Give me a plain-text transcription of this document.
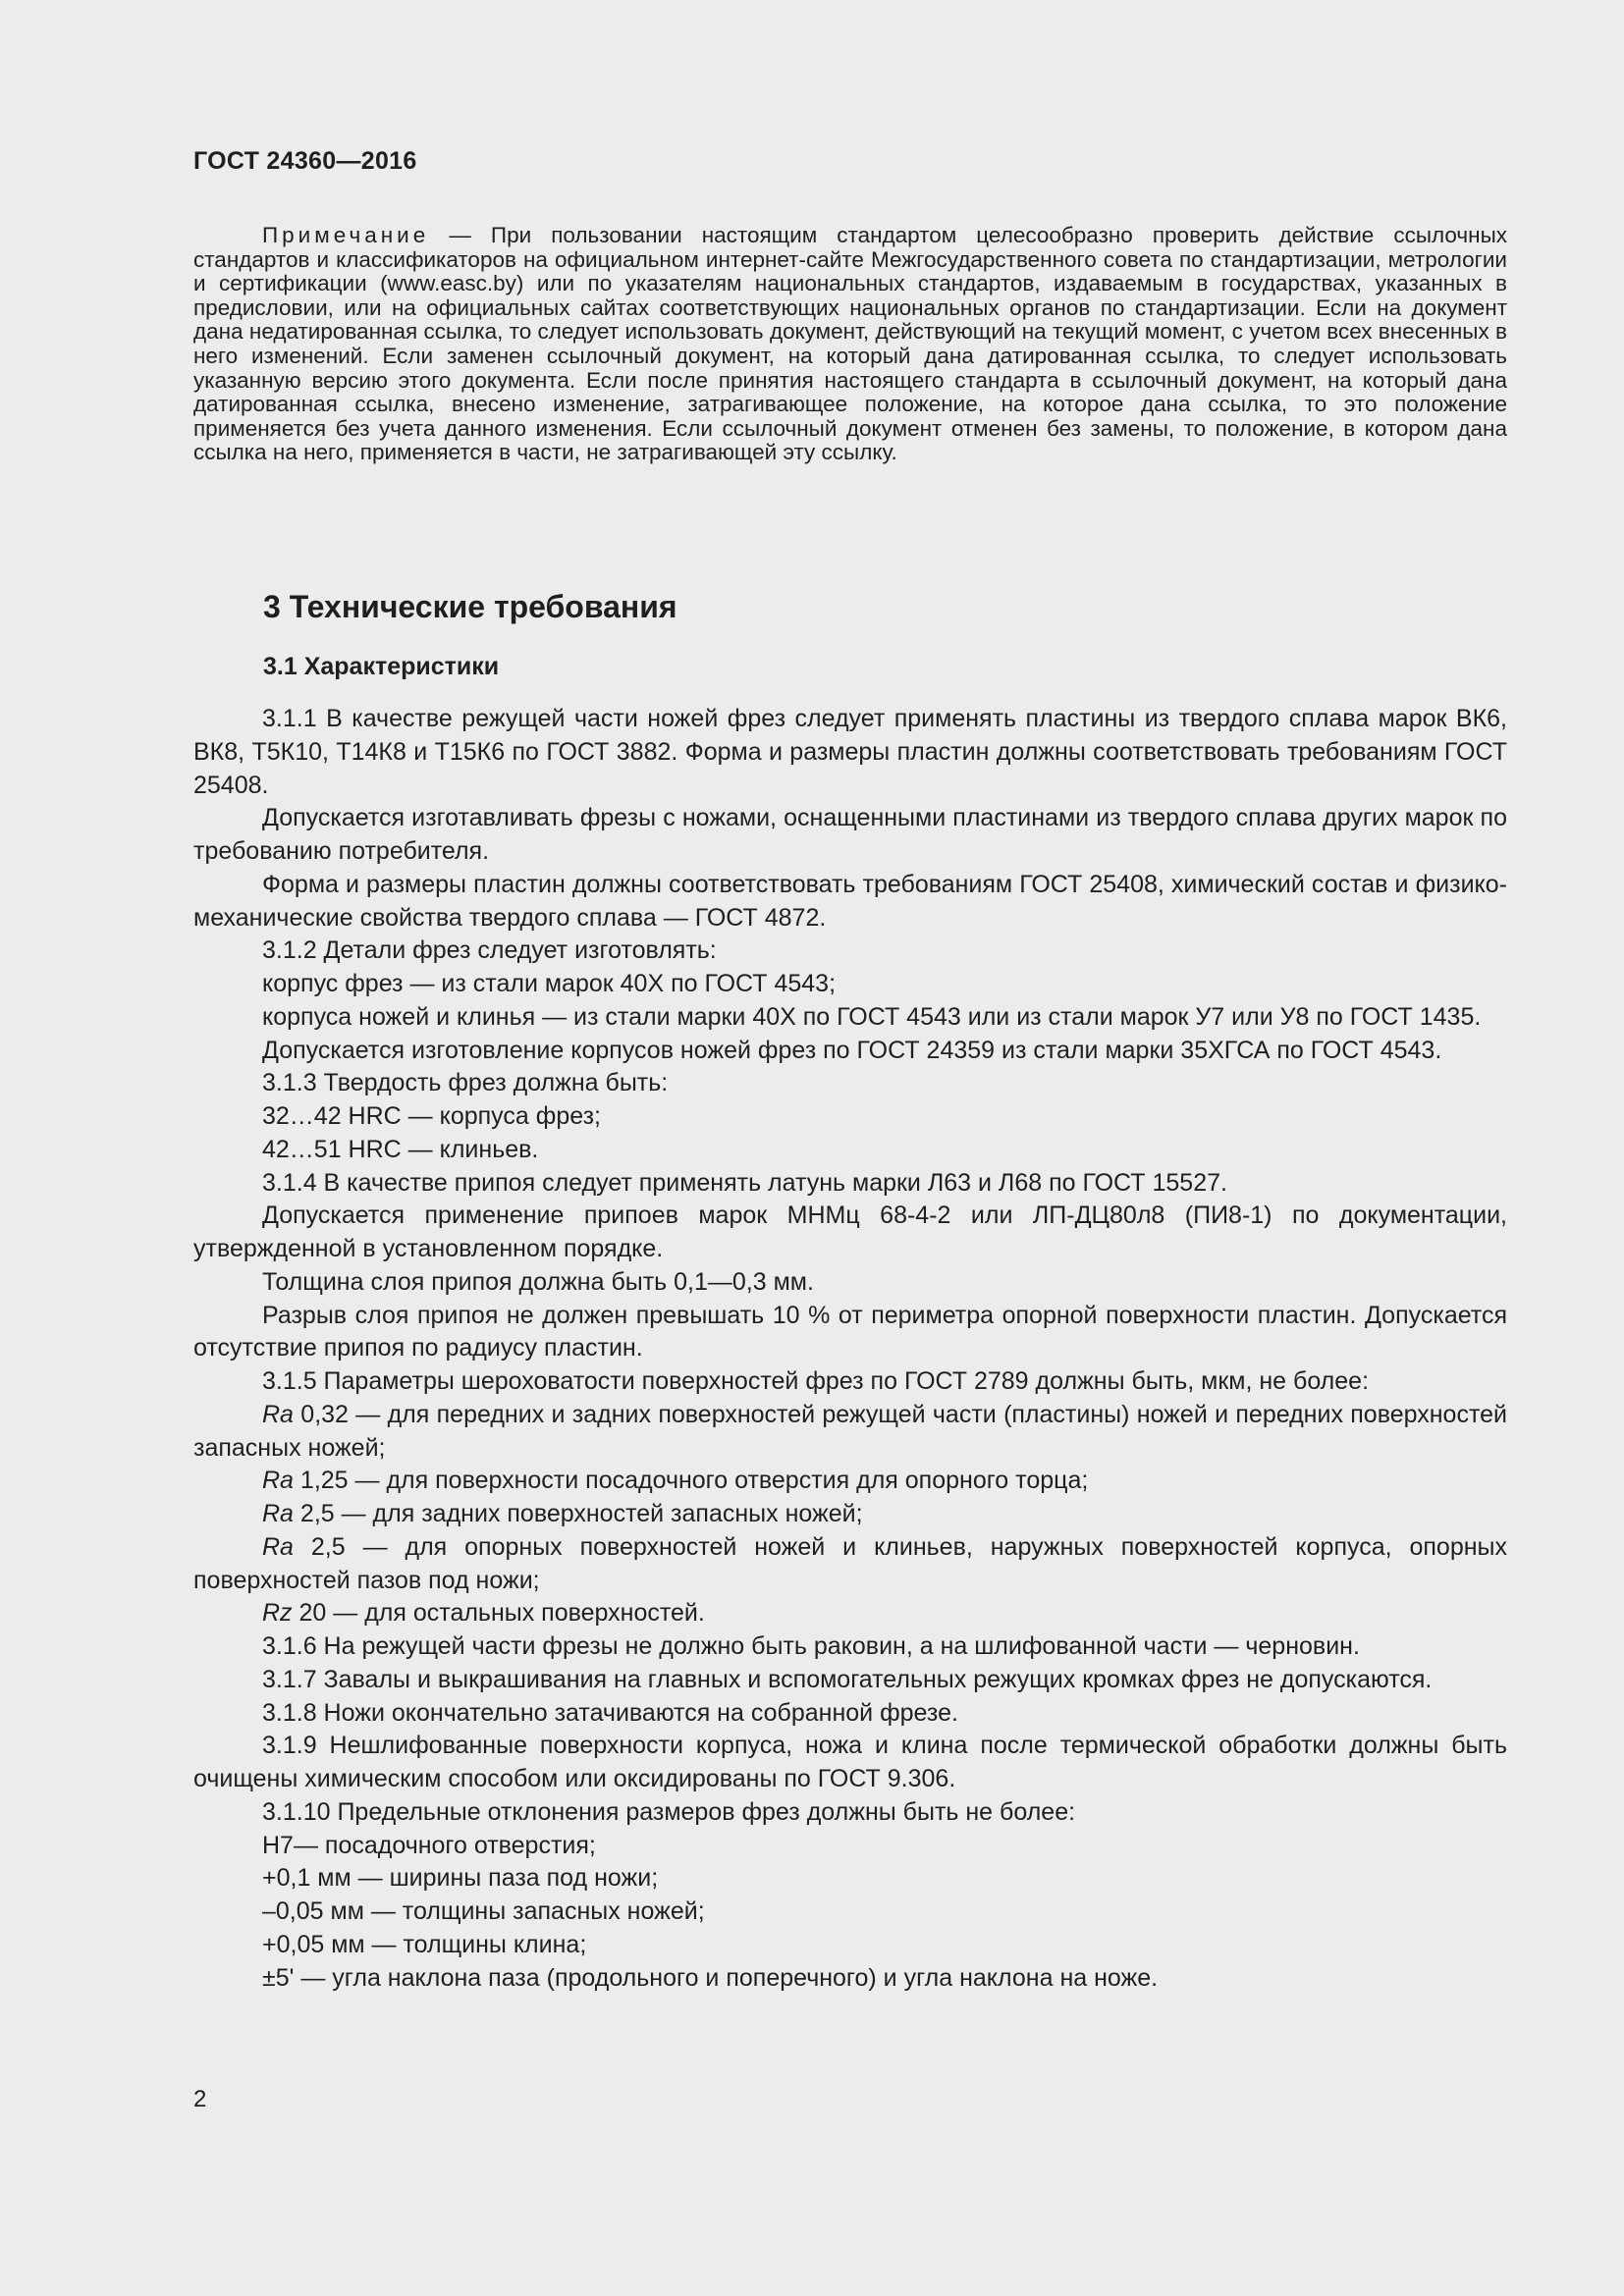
ГОСТ 24360—2016
Примечание — При пользовании настоящим стандартом целесообразно проверить действие ссылочных стандартов и классификаторов на официальном интернет-сайте Межгосударственного совета по стандартизации, метрологии и сертификации (www.easc.by) или по указателям национальных стандартов, издаваемым в государствах, указанных в предисловии, или на официальных сайтах соответствующих национальных органов по стандартизации. Если на документ дана недатированная ссылка, то следует использовать документ, действующий на текущий момент, с учетом всех внесенных в него изменений. Если заменен ссылочный документ, на который дана датированная ссылка, то следует использовать указанную версию этого документа. Если после принятия настоящего стандарта в ссылочный документ, на который дана датированная ссылка, внесено изменение, затрагивающее положение, на которое дана ссылка, то это положение применяется без учета данного изменения. Если ссылочный документ отменен без замены, то положение, в котором дана ссылка на него, применяется в части, не затрагивающей эту ссылку.
3 Технические требования
3.1 Характеристики

3.1.1 В качестве режущей части ножей фрез следует применять пластины из твердого сплава марок ВК6, ВК8, Т5К10, Т14К8 и Т15К6 по ГОСТ 3882. Форма и размеры пластин должны соответствовать требованиям ГОСТ 25408.

Допускается изготавливать фрезы с ножами, оснащенными пластинами из твердого сплава других марок по требованию потребителя.

Форма и размеры пластин должны соответствовать требованиям ГОСТ 25408, химический состав и физико-механические свойства твердого сплава — ГОСТ 4872.

3.1.2 Детали фрез следует изготовлять:

корпус фрез — из стали марок 40Х по ГОСТ 4543;

корпуса ножей и клинья — из стали марки 40Х по ГОСТ 4543 или из стали марок У7 или У8 по ГОСТ 1435.

Допускается изготовление корпусов ножей фрез по ГОСТ 24359 из стали марки 35ХГСА по ГОСТ 4543.

3.1.3 Твердость фрез должна быть:

32…42 HRC — корпуса фрез;

42…51 HRC — клиньев.

3.1.4 В качестве припоя следует применять латунь марки Л63 и Л68 по ГОСТ 15527.

Допускается применение припоев марок МНМц 68-4-2 или ЛП-ДЦ80л8 (ПИ8-1) по документации, утвержденной в установленном порядке.

Толщина слоя припоя должна быть 0,1—0,3 мм.

Разрыв слоя припоя не должен превышать 10 % от периметра опорной поверхности пластин. Допускается отсутствие припоя по радиусу пластин.

3.1.5 Параметры шероховатости поверхностей фрез по ГОСТ 2789 должны быть, мкм, не более:

Ra 0,32 — для передних и задних поверхностей режущей части (пластины) ножей и передних поверхностей запасных ножей;

Ra 1,25 — для поверхности посадочного отверстия для опорного торца;

Ra 2,5 — для задних поверхностей запасных ножей;

Ra 2,5 — для опорных поверхностей ножей и клиньев, наружных поверхностей корпуса, опорных поверхностей пазов под ножи;

Rz 20 — для остальных поверхностей.

3.1.6 На режущей части фрезы не должно быть раковин, а на шлифованной части — черновин.

3.1.7 Завалы и выкрашивания на главных и вспомогательных режущих кромках фрез не допускаются.

3.1.8 Ножи окончательно затачиваются на собранной фрезе.

3.1.9 Нешлифованные поверхности корпуса, ножа и клина после термической обработки должны быть очищены химическим способом или оксидированы по ГОСТ 9.306.

3.1.10 Предельные отклонения размеров фрез должны быть не более:

Н7— посадочного отверстия;

+0,1 мм — ширины паза под ножи;

–0,05 мм — толщины запасных ножей;

+0,05 мм — толщины клина;

±5' — угла наклона паза (продольного и поперечного) и угла наклона на ноже.

2
